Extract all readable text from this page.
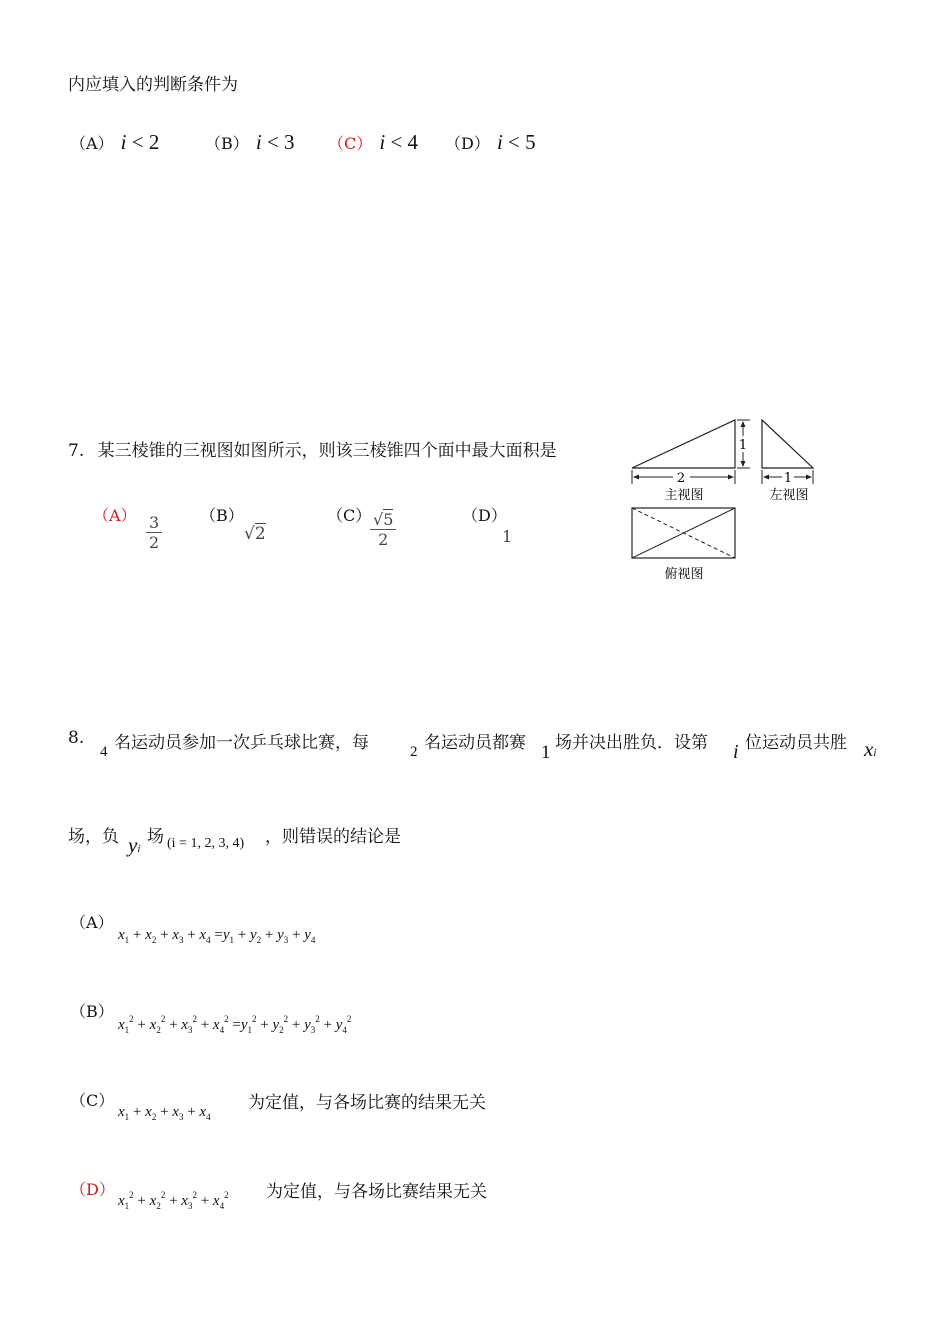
内应填入的判断条件为
（A） i < 2	（B） i < 3 （C） i < 4 （D） i < 5
7. 某三棱锥的三视图如图所示，则该三棱锥四个面中最大面积是
$(A) \frac{3}{2} (B)$
√2
（C）
$\frac{√5}{2}$	（D）
1
2
1
主视图
1
左视图
俯视图
8.
4 名运动员参加一次乒乓球比赛，每	2 名运动员都赛 1 场并决出胜负．设第 i 位运动员共胜 xi
场，负 yi
场 (i = 1, 2, 3, 4) ，则错误的结论是
（A）
$x_1 + x_2 + x_3 + x_4 =y_1 + y_2 + y_3 + y_4$
（B）
$x_1^2 + x_2^2 + x_3^2 + x_4^2 =y_1^2 + y_2^2 + y_3^2 + y_4^2$
（C）
$x_1 + x_2 + x_3 + x_4$
为定值，与各场比赛的结果无关
（D）
$x_1^2 + x_2^2 + x_3^2 + x_4^2$ 为定值，与各场比赛结果无关
